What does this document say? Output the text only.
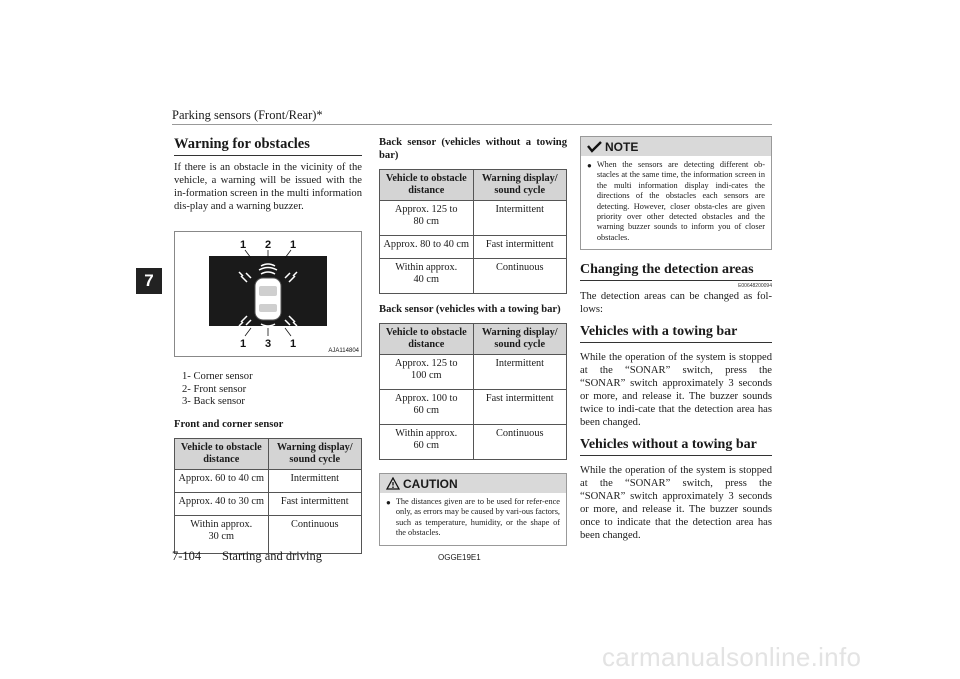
Parking sensors (Front/Rear)*
7
Warning for obstacles

If there is an obstacle in the vicinity of the vehicle, a warning will be issued with the in-formation screen in the multi information dis-play and a warning buzzer.

1 2 1
1 3 1
AJA114804
1- Corner sensor
2- Front sensor
3- Back sensor
Front and corner sensor
Vehicle to obstacle distance	Warning display/ sound cycle
Approx. 60 to 40 cm	Intermittent
Approx. 40 to 30 cm	Fast intermittent
Within approx. 30 cm	Continuous
Back sensor (vehicles without a towing bar)
Vehicle to obstacle distance	Warning display/ sound cycle
Approx. 125 to 80 cm	Intermittent
Approx. 80 to 40 cm	Fast intermittent
Within approx. 40 cm	Continuous
Back sensor (vehicles with a towing bar)
Vehicle to obstacle distance	Warning display/ sound cycle
Approx. 125 to 100 cm	Intermittent
Approx. 100 to 60 cm	Fast intermittent
Within approx. 60 cm	Continuous
CAUTION
● The distances given are to be used for refer-ence only, as errors may be caused by vari-ous factors, such as temperature, humidity, or the shape of the obstacles.

NOTE
● When the sensors are detecting different ob-stacles at the same time, the information screen in the multi information display indi-cates the directions of the obstacles each sensors are detecting. However, closer obsta-cles are given priority over other detected obstacles and the warning buzzer sounds to inform you of closer obstacles.

Changing the detection areas
E00648200094

The detection areas can be changed as fol-lows:

Vehicles with a towing bar

While the operation of the system is stopped at the “SONAR” switch, press the “SONAR” switch approximately 3 seconds or more, and release it. The buzzer sounds twice to indi-cate that the detection area has been changed.

Vehicles without a towing bar

While the operation of the system is stopped at the “SONAR” switch, press the “SONAR” switch approximately 3 seconds or more, and release it. The buzzer sounds once to indicate that the detection area has been changed.

7-104 Starting and driving	OGGE19E1
carmanualsonline.info
